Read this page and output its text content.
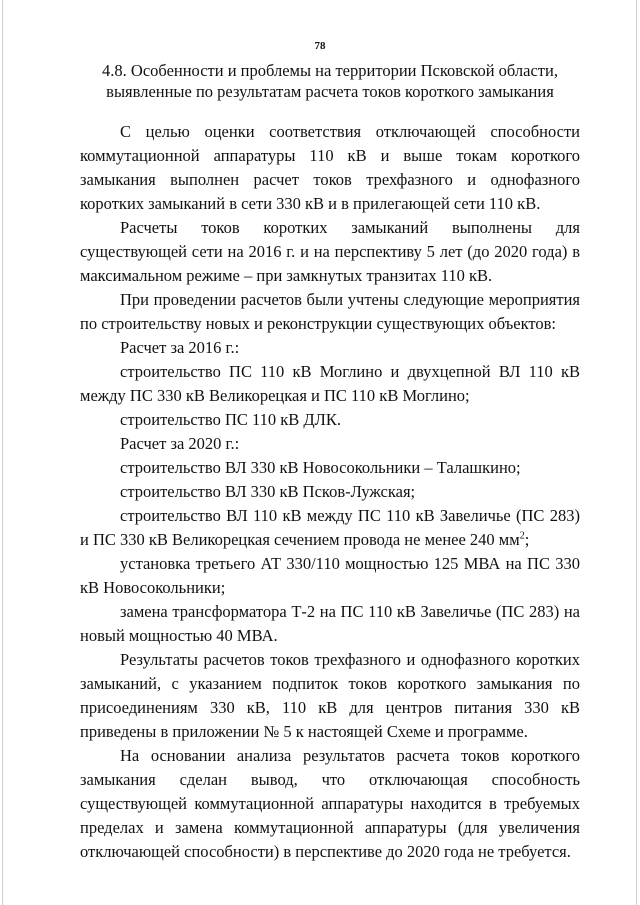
78
4.8. Особенности и проблемы на территории Псковской области,
выявленные по результатам расчета токов короткого замыкания

С целью оценки соответствия отключающей способности коммутационной аппаратуры 110 кВ и выше токам короткого замыкания выполнен расчет токов трехфазного и однофазного коротких замыканий в сети 330 кВ и в прилегающей сети 110 кВ.

Расчеты токов коротких замыканий выполнены для существующей сети на 2016 г. и на перспективу 5 лет (до 2020 года) в максимальном режиме – при замкнутых транзитах 110 кВ.

При проведении расчетов были учтены следующие мероприятия по строительству новых и реконструкции существующих объектов:

Расчет за 2016 г.:

строительство ПС 110 кВ Моглино и двухцепной ВЛ 110 кВ между ПС 330 кВ Великорецкая и ПС 110 кВ Моглино;

строительство ПС 110 кВ ДЛК.

Расчет за 2020 г.:

строительство ВЛ 330 кВ Новосокольники – Талашкино;

строительство ВЛ 330 кВ Псков-Лужская;

строительство ВЛ 110 кВ между ПС 110 кВ Завеличье (ПС 283) и ПС 330 кВ Великорецкая сечением провода не менее 240 $мм^2$;

установка третьего АТ 330/110 мощностью 125 МВА на ПС 330 кВ Новосокольники;

замена трансформатора Т-2 на ПС 110 кВ Завеличье (ПС 283) на новый мощностью 40 МВА.

Результаты расчетов токов трехфазного и однофазного коротких замыканий, с указанием подпиток токов короткого замыкания по присоединениям 330 кВ, 110 кВ для центров питания 330 кВ приведены в приложении № 5 к настоящей Схеме и программе.

На основании анализа результатов расчета токов короткого замыкания сделан вывод, что отключающая способность существующей коммутационной аппаратуры находится в требуемых пределах и замена коммутационной аппаратуры (для увеличения отключающей способности) в перспективе до 2020 года не требуется.
